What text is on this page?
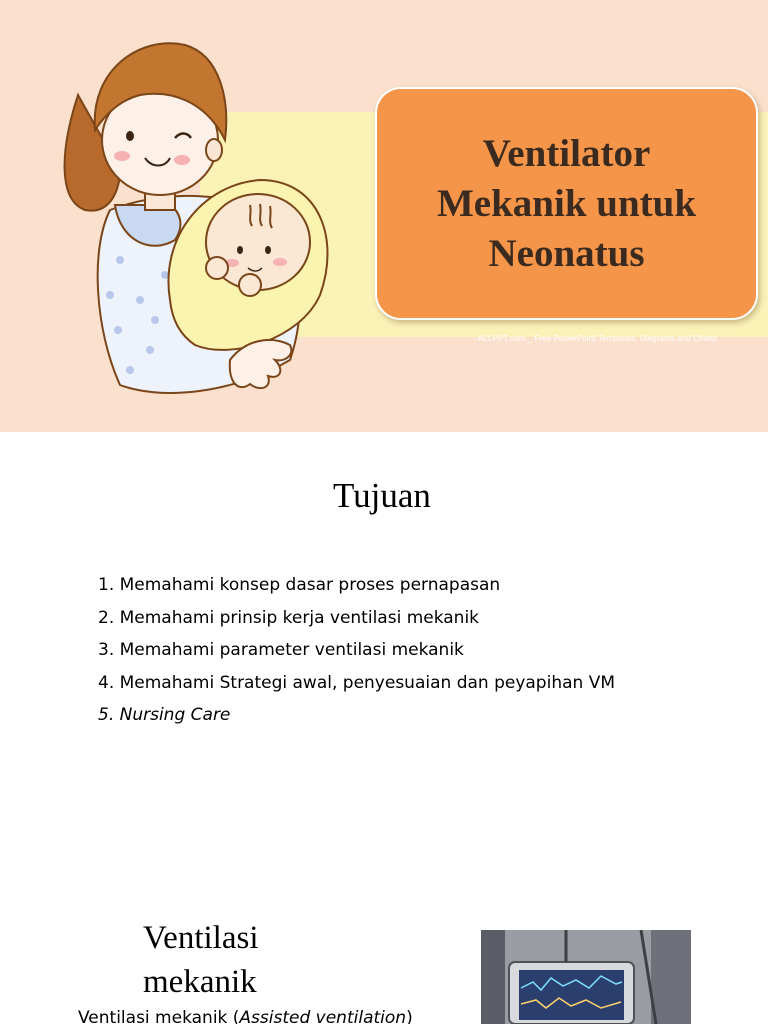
Ventilator
Mekanik untuk
Neonatus
ALLPPT.com _ Free PowerPoint Templates, Diagrams and Charts
Tujuan
1. Memahami konsep dasar proses pernapasan
2. Memahami prinsip kerja ventilasi mekanik
3. Memahami parameter ventilasi mekanik
4. Memahami Strategi awal, penyesuaian dan peyapihan VM
5. Nursing Care
Ventilasi
mekanik
Ventilasi mekanik (Assisted ventilation)
